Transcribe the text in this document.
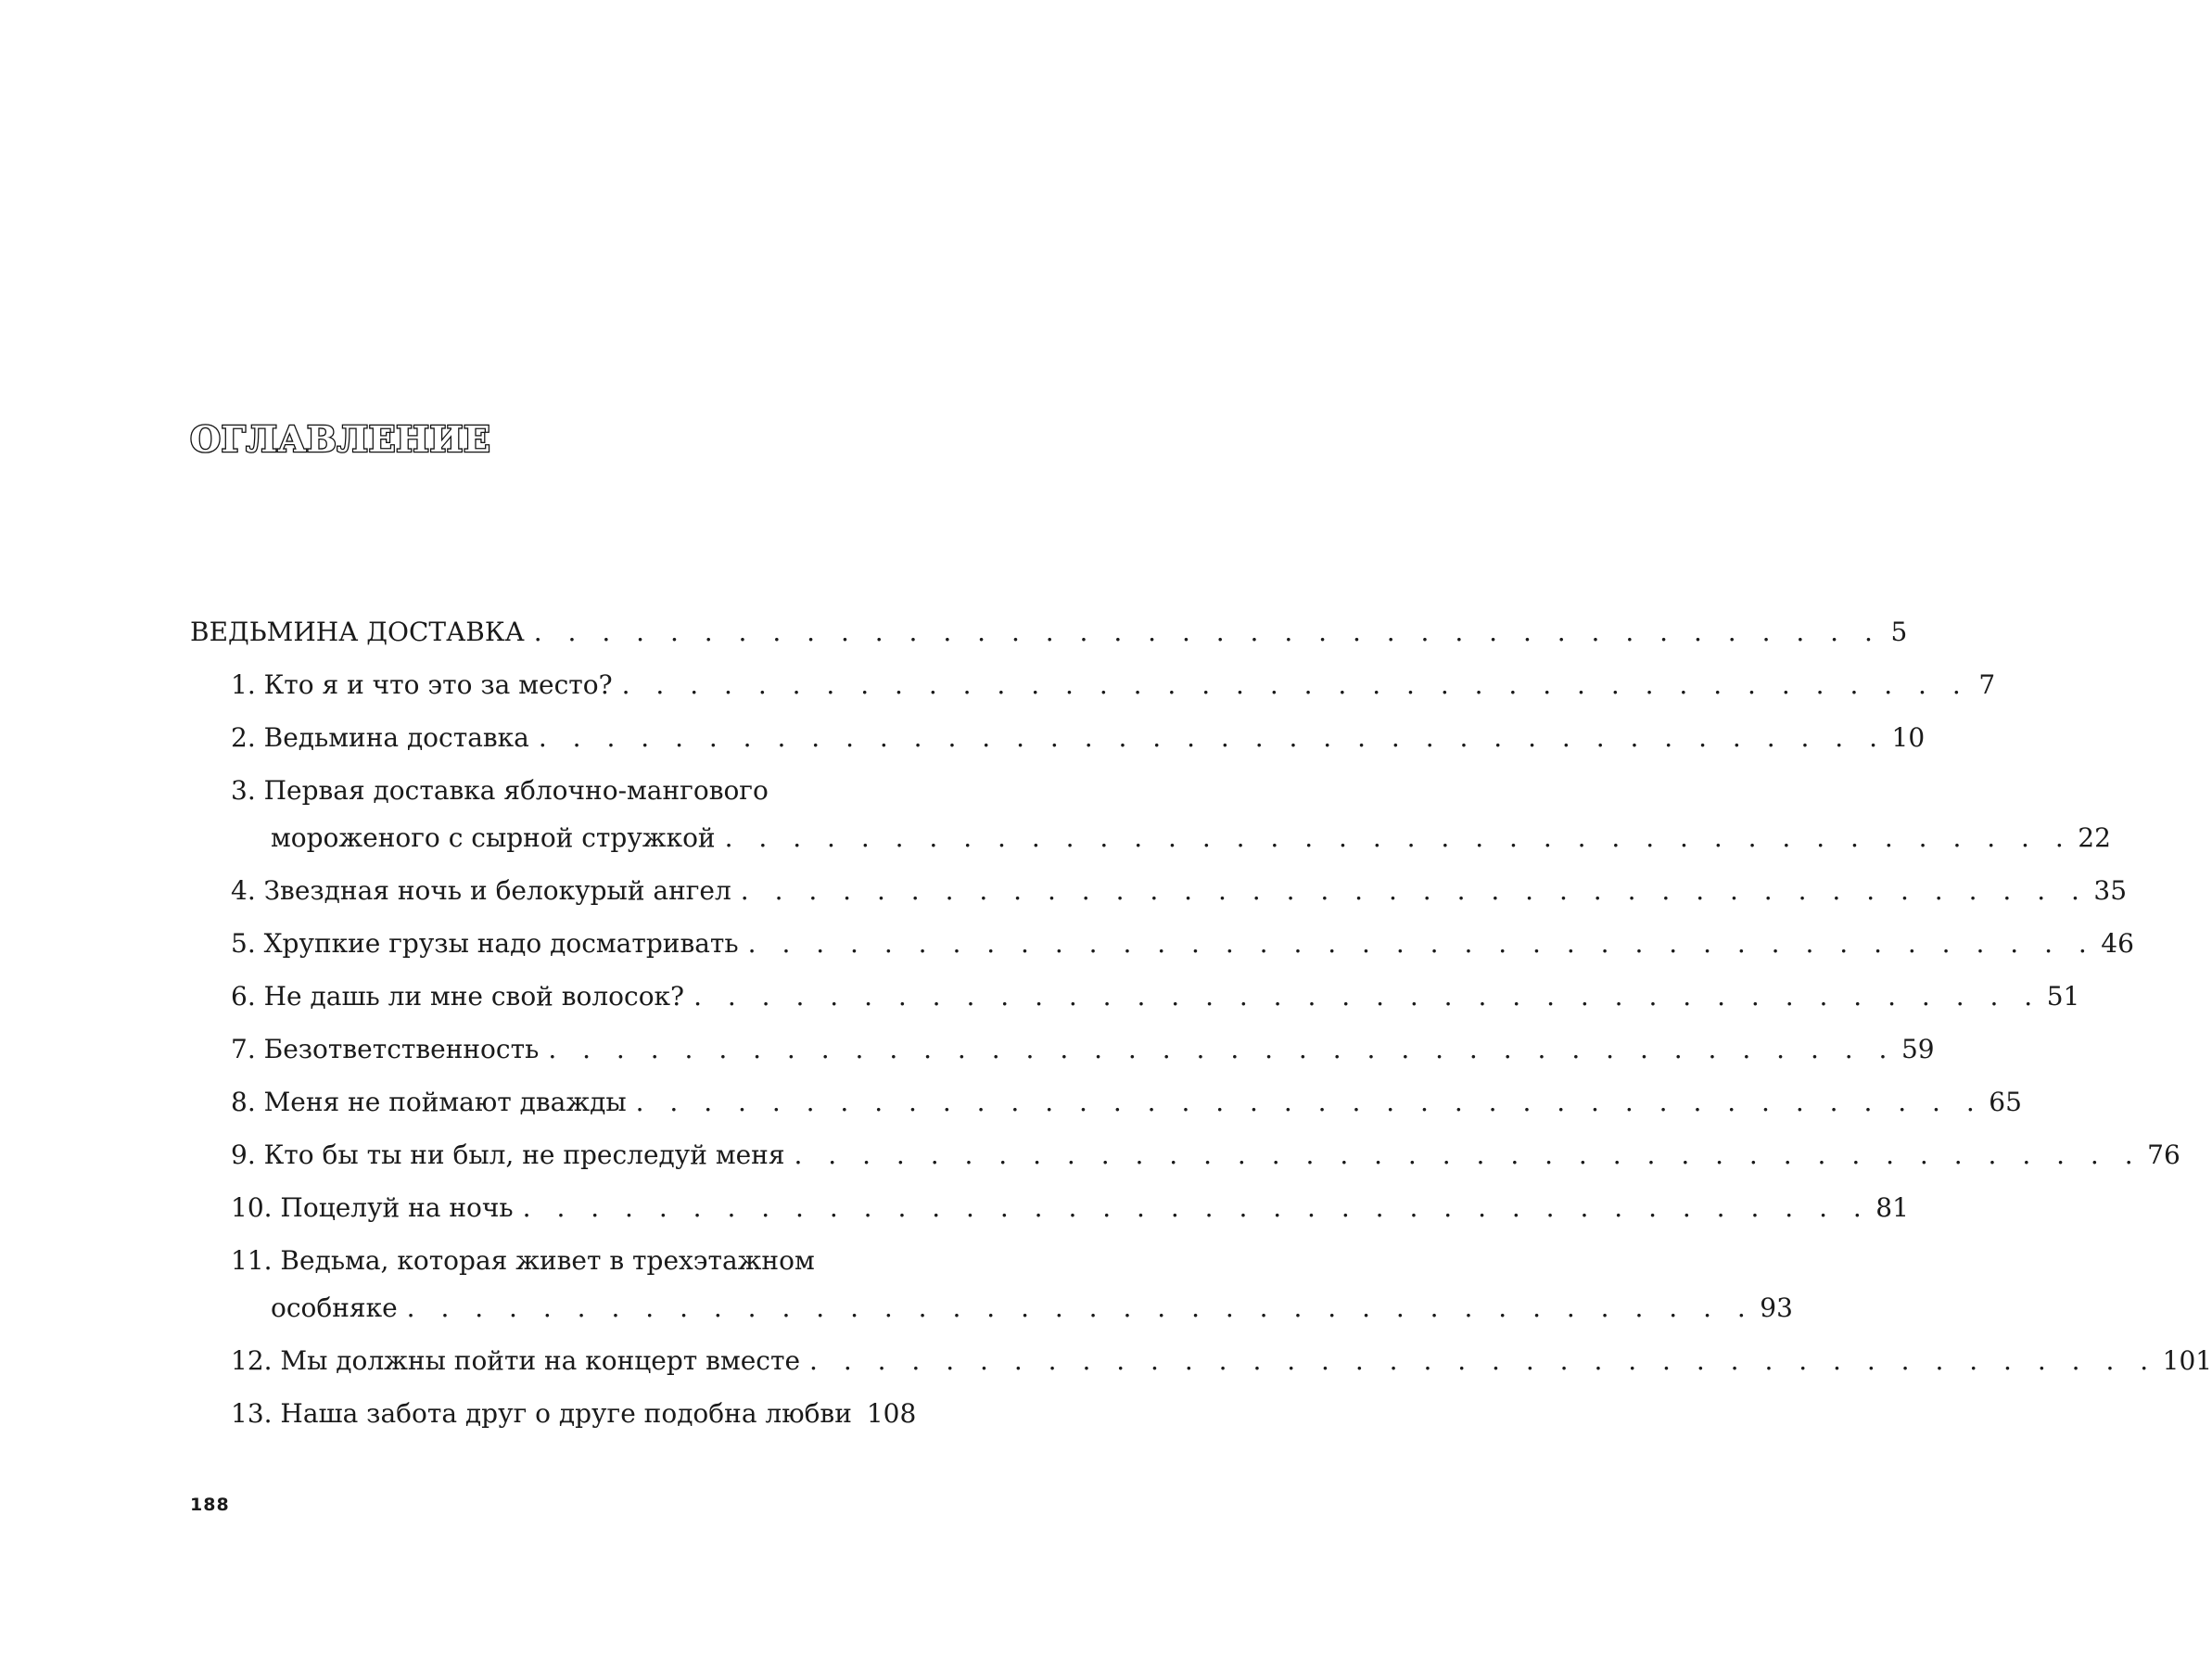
ОГЛАВЛЕНИЕ
ВЕДЬМИНА ДОСТАВКА . . . . . . . . . . . . . . . . . . . . . . . . . . . . . . . . . . . . . . . . 5
1. Кто я и что это за место? . . . . . . . . . . . . . . . . . . . . . . . . . . . . . . . . . . . . . . . . 7
2. Ведьмина доставка . . . . . . . . . . . . . . . . . . . . . . . . . . . . . . . . . . . . . . . . 10
3. Первая доставка яблочно-мангового
мороженого с сырной стружкой . . . . . . . . . . . . . . . . . . . . . . . . . . . . . . . . . . . . . . . . 22
4. Звездная ночь и белокурый ангел . . . . . . . . . . . . . . . . . . . . . . . . . . . . . . . . . . . . . . . . 35
5. Хрупкие грузы надо досматривать . . . . . . . . . . . . . . . . . . . . . . . . . . . . . . . . . . . . . . . . 46
6. Не дашь ли мне свой волосок? . . . . . . . . . . . . . . . . . . . . . . . . . . . . . . . . . . . . . . . . 51
7. Безответственность . . . . . . . . . . . . . . . . . . . . . . . . . . . . . . . . . . . . . . . . 59
8. Меня не поймают дважды . . . . . . . . . . . . . . . . . . . . . . . . . . . . . . . . . . . . . . . . 65
9. Кто бы ты ни был, не преследуй меня . . . . . . . . . . . . . . . . . . . . . . . . . . . . . . . . . . . . . . . . 76
10. Поцелуй на ночь . . . . . . . . . . . . . . . . . . . . . . . . . . . . . . . . . . . . . . . . 81
11. Ведьма, которая живет в трехэтажном
особняке . . . . . . . . . . . . . . . . . . . . . . . . . . . . . . . . . . . . . . . . 93
12. Мы должны пойти на концерт вместе . . . . . . . . . . . . . . . . . . . . . . . . . . . . . . . . . . . . . . . . 101
13. Наша забота друг о друге подобна любви 108
188
